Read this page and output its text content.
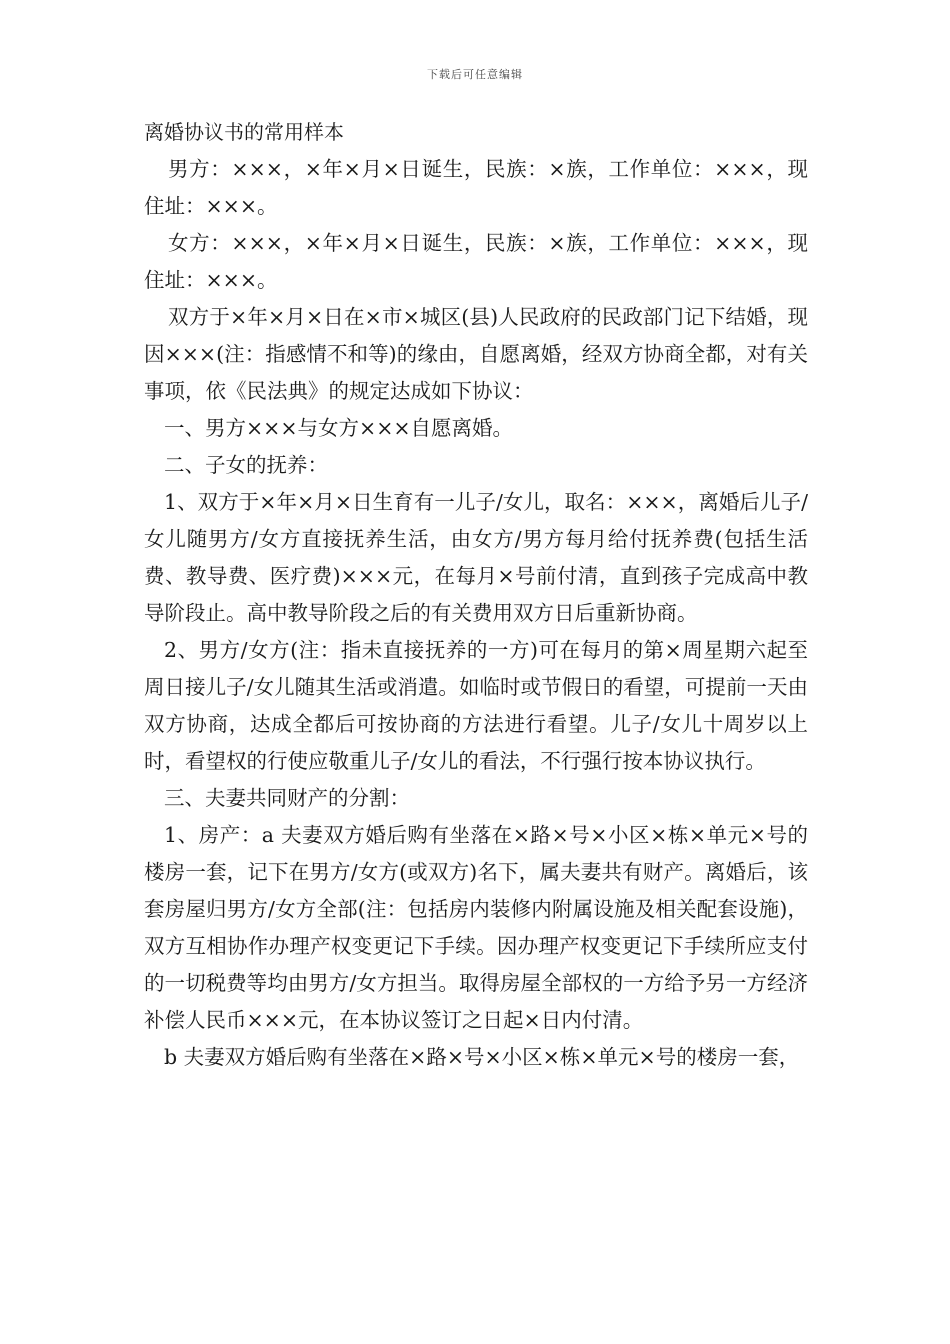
下载后可任意编辑
离婚协议书的常用样本

男方：×××，×年×月×日诞生，民族：×族，工作单位：×××，现住址：×××。

女方：×××，×年×月×日诞生，民族：×族，工作单位：×××，现住址：×××。

双方于×年×月×日在×市×城区(县)人民政府的民政部门记下结婚，现因×××(注：指感情不和等)的缘由，自愿离婚，经双方协商全都，对有关事项，依《民法典》的规定达成如下协议：

一、男方×××与女方×××自愿离婚。

二、子女的抚养：

1、双方于×年×月×日生育有一儿子/女儿，取名：×××，离婚后儿子/女儿随男方/女方直接抚养生活，由女方/男方每月给付抚养费(包括生活费、教导费、医疗费)×××元，在每月×号前付清，直到孩子完成高中教导阶段止。高中教导阶段之后的有关费用双方日后重新协商。

2、男方/女方(注：指未直接抚养的一方)可在每月的第×周星期六起至周日接儿子/女儿随其生活或消遣。如临时或节假日的看望，可提前一天由双方协商，达成全都后可按协商的方法进行看望。儿子/女儿十周岁以上时，看望权的行使应敬重儿子/女儿的看法，不行强行按本协议执行。

三、夫妻共同财产的分割：

1、房产：a 夫妻双方婚后购有坐落在×路×号×小区×栋×单元×号的楼房一套，记下在男方/女方(或双方)名下，属夫妻共有财产。离婚后，该套房屋归男方/女方全部(注：包括房内装修内附属设施及相关配套设施)，双方互相协作办理产权变更记下手续。因办理产权变更记下手续所应支付的一切税费等均由男方/女方担当。取得房屋全部权的一方给予另一方经济补偿人民币×××元，在本协议签订之日起×日内付清。

b 夫妻双方婚后购有坐落在×路×号×小区×栋×单元×号的楼房一套，
